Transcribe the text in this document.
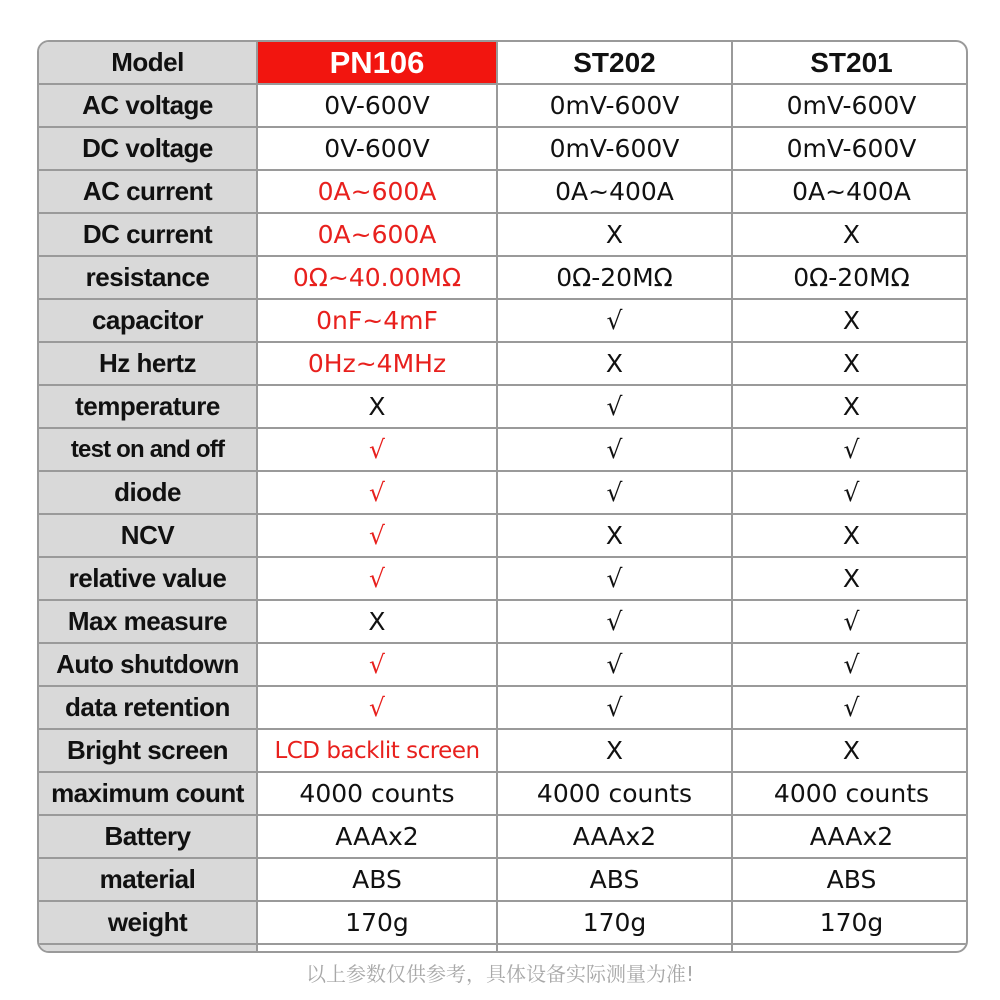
Model	PN106	ST202	ST201
AC voltage	0V-600V	0mV-600V	0mV-600V
DC voltage	0V-600V	0mV-600V	0mV-600V
AC current	0A~600A	0A~400A	0A~400A
DC current	0A~600A	X	X
resistance	0Ω~40.00MΩ	0Ω-20MΩ	0Ω-20MΩ
capacitor	0nF~4mF	√	X
Hz hertz	0Hz~4MHz	X	X
temperature	X	√	X
test on and off	√	√	√
diode	√	√	√
NCV	√	X	X
relative value	√	√	X
Max measure	X	√	√
Auto shutdown	√	√	√
data retention	√	√	√
Bright screen	LCD backlit screen	X	X
maximum count	4000 counts	4000 counts	4000 counts
Battery	AAAx2	AAAx2	AAAx2
material	ABS	ABS	ABS
weight	170g	170g	170g

以上参数仅供参考，具体设备实际测量为准!
